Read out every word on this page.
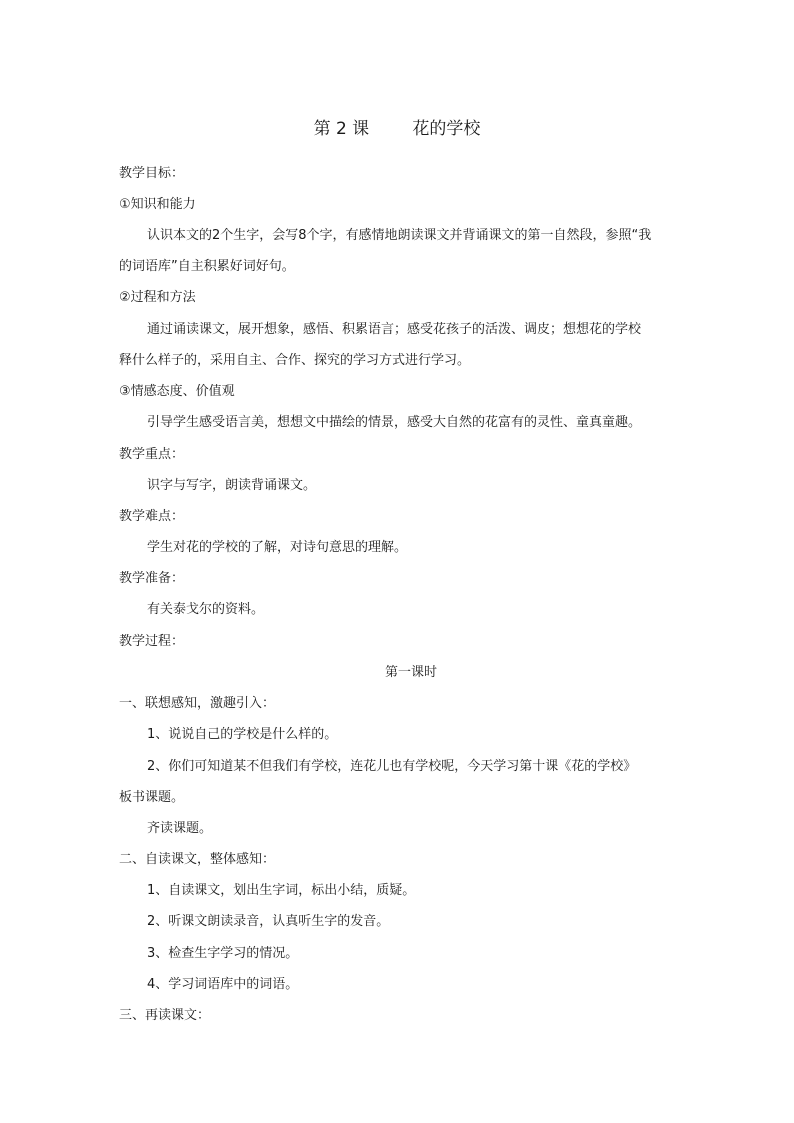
第 2 课        花的学校
教学目标：
①知识和能力
认识本文的2个生字，会写8个字，有感情地朗读课文并背诵课文的第一自然段，参照“我
的词语库”自主积累好词好句。
②过程和方法
通过诵读课文，展开想象，感悟、积累语言；感受花孩子的活泼、调皮；想想花的学校
释什么样子的，采用自主、合作、探究的学习方式进行学习。
③情感态度、价值观
引导学生感受语言美，想想文中描绘的情景，感受大自然的花富有的灵性、童真童趣。
教学重点：
识字与写字，朗读背诵课文。
教学难点：
学生对花的学校的了解，对诗句意思的理解。
教学准备：
有关泰戈尔的资料。
教学过程：
第一课时
一、联想感知，激趣引入：
1、说说自己的学校是什么样的。
2、你们可知道某不但我们有学校，连花儿也有学校呢，今天学习第十课《花的学校》
板书课题。
齐读课题。
二、自读课文，整体感知：
1、自读课文，划出生字词，标出小结，质疑。
2、听课文朗读录音，认真听生字的发音。
3、检查生字学习的情况。
4、学习词语库中的词语。
三、再读课文：
